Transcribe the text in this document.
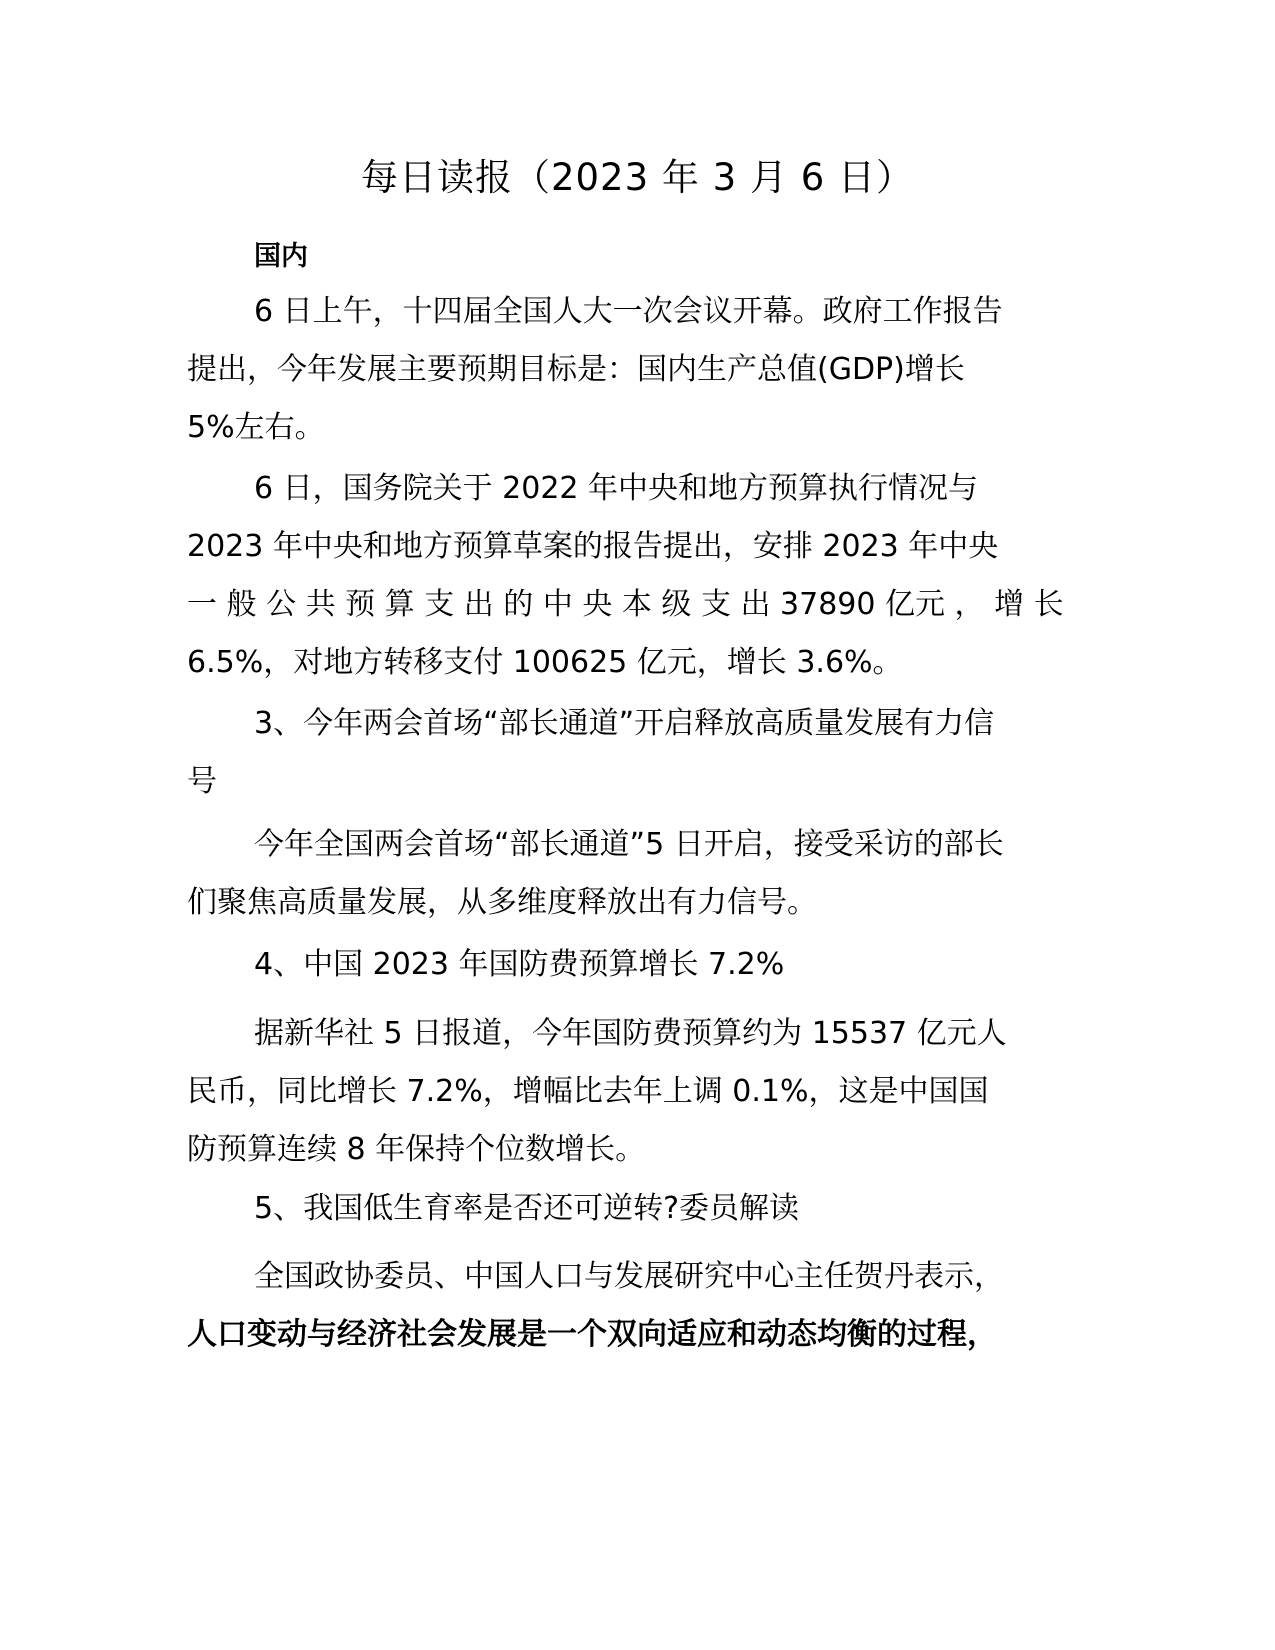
每日读报（2023 年 3 月 6 日）
国内
6 日上午，十四届全国人大一次会议开幕。政府工作报告
提出，今年发展主要预期目标是：国内生产总值(GDP)增长
5%左右。
6 日，国务院关于 2022 年中央和地方预算执行情况与
2023 年中央和地方预算草案的报告提出，安排 2023 年中央
一 般 公 共 预 算 支 出 的 中 央 本 级 支 出 37890 亿元 ， 增 长
6.5%，对地方转移支付 100625 亿元，增长 3.6%。
3、今年两会首场“部长通道”开启释放高质量发展有力信
号
今年全国两会首场“部长通道”5 日开启，接受采访的部长
们聚焦高质量发展，从多维度释放出有力信号。
4、中国 2023 年国防费预算增长 7.2%
据新华社 5 日报道，今年国防费预算约为 15537 亿元人
民币，同比增长 7.2%，增幅比去年上调 0.1%，这是中国国
防预算连续 8 年保持个位数增长。
5、我国低生育率是否还可逆转?委员解读
全国政协委员、中国人口与发展研究中心主任贺丹表示，
人口变动与经济社会发展是一个双向适应和动态均衡的过程，
